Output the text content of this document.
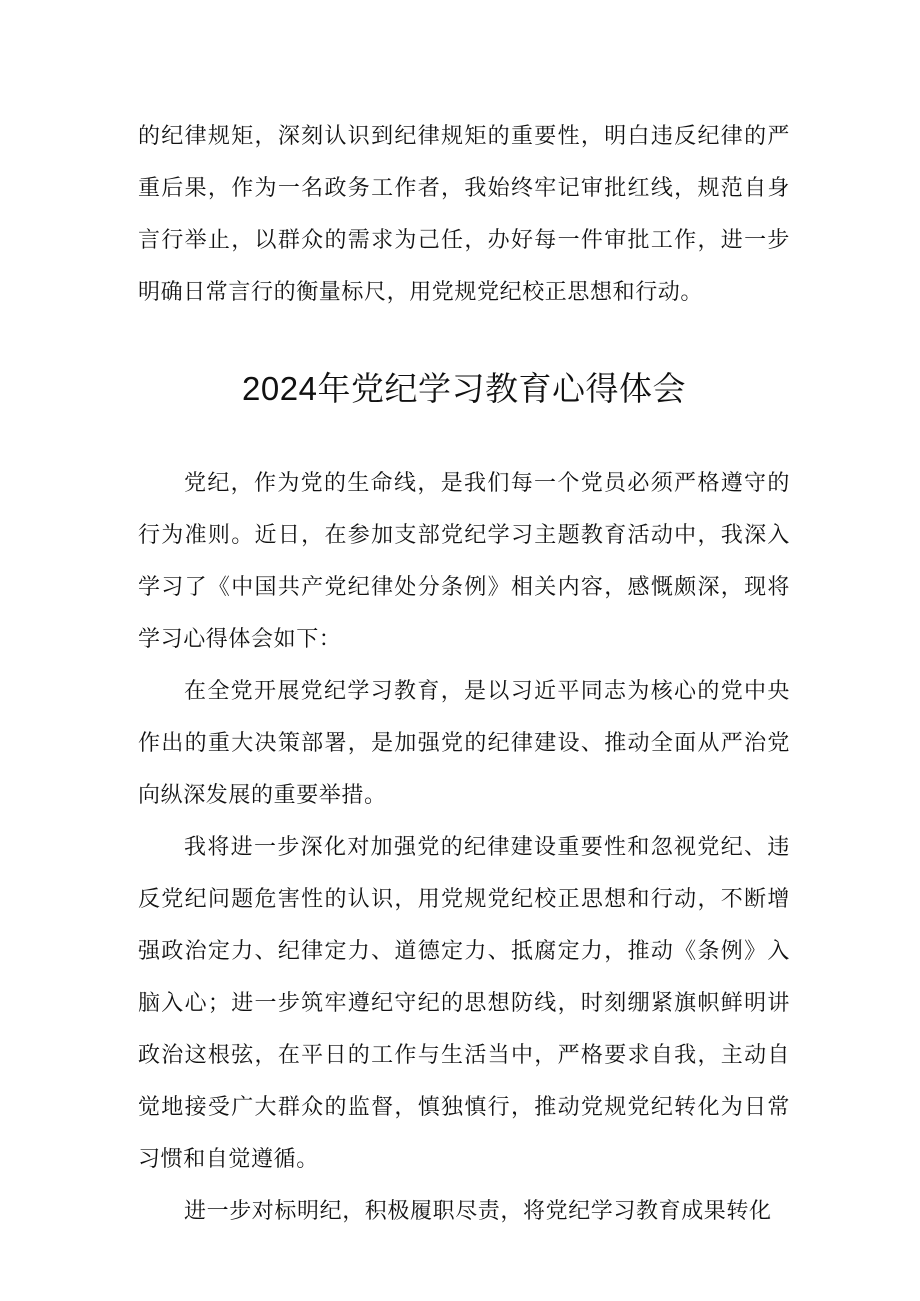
的纪律规矩，深刻认识到纪律规矩的重要性，明白违反纪律的严重后果，作为一名政务工作者，我始终牢记审批红线，规范自身言行举止，以群众的需求为己任，办好每一件审批工作，进一步明确日常言行的衡量标尺，用党规党纪校正思想和行动。

2024年党纪学习教育心得体会

党纪，作为党的生命线，是我们每一个党员必须严格遵守的行为准则。近日，在参加支部党纪学习主题教育活动中，我深入学习了《中国共产党纪律处分条例》相关内容，感慨颇深，现将学习心得体会如下：

在全党开展党纪学习教育，是以习近平同志为核心的党中央作出的重大决策部署，是加强党的纪律建设、推动全面从严治党向纵深发展的重要举措。

我将进一步深化对加强党的纪律建设重要性和忽视党纪、违反党纪问题危害性的认识，用党规党纪校正思想和行动，不断增强政治定力、纪律定力、道德定力、抵腐定力，推动《条例》入脑入心；进一步筑牢遵纪守纪的思想防线，时刻绷紧旗帜鲜明讲政治这根弦，在平日的工作与生活当中，严格要求自我，主动自觉地接受广大群众的监督，慎独慎行，推动党规党纪转化为日常习惯和自觉遵循。

进一步对标明纪，积极履职尽责，将党纪学习教育成果转化
